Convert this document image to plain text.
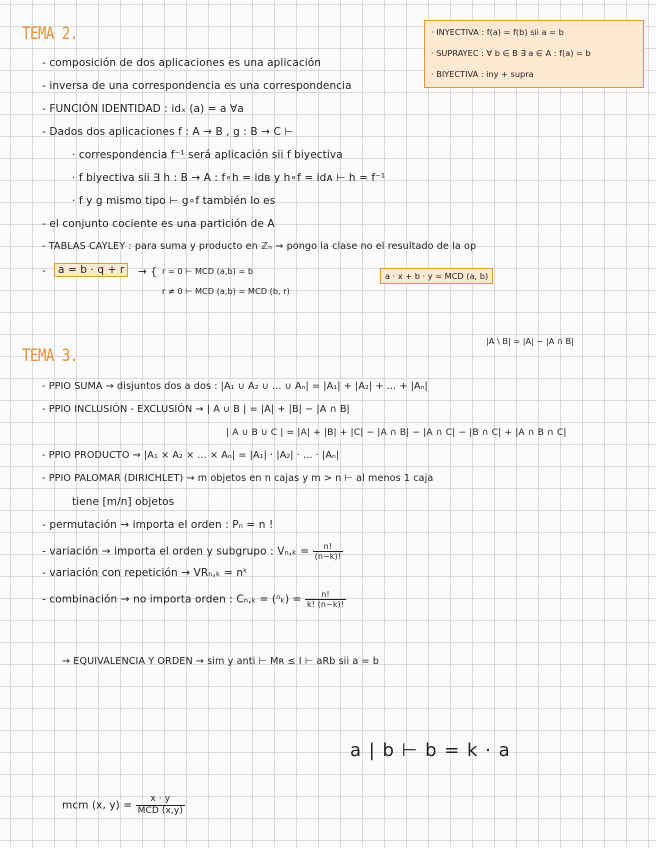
TEMA 2.	· INYECTIVA : f(a) = f(b) sii a = b
· SUPRAYEC : ∀ b ∈ B ∃ a ∈ A : f(a) = b
· BIYECTIVA : iny + supra
- composición de dos aplicaciones es una aplicación
- inversa de una correspondencia es una correspondencia
- FUNCIÓN IDENTIDAD : idₓ (a) = a ∀a
- Dados dos aplicaciones f : A → B , g : B → C ⊢
· correspondencia f⁻¹ será aplicación sii f biyectiva
· f biyectiva sii ∃ h : B → A : f∘h = idʙ y h∘f = idᴀ ⊢ h = f⁻¹
· f y g mismo tipo ⊢ g∘f también lo es
- el conjunto cociente es una partición de A
- TABLAS CAYLEY : para suma y producto en ℤₙ → pongo la clase no el resultado de la op
-	a = b · q + r	→ { r = 0 ⊢ MCD (a,b) = b
r ≠ 0 ⊢ MCD (a,b) = MCD (b, r)
a · x + b · y = MCD (a, b)
|A \ B| = |A| − |A ∩ B|
TEMA 3.
- PPIO SUMA → disjuntos dos a dos : |A₁ ∪ A₂ ∪ ... ∪ Aₙ| = |A₁| + |A₂| + ... + |Aₙ|
- PPIO INCLUSIÓN - EXCLUSIÓN → | A ∪ B | = |A| + |B| − |A ∩ B|
| A ∪ B ∪ C | = |A| + |B| + |C| − |A ∩ B| − |A ∩ C| − |B ∩ C| + |A ∩ B ∩ C|
- PPIO PRODUCTO → |A₁ × A₂ × ... × Aₙ| = |A₁| · |A₂| · ... · |Aₙ|
- PPIO PALOMAR (DIRICHLET) → m objetos en n cajas y m > n ⊢ al menos 1 caja
tiene [m/n] objetos
- permutación → importa el orden : Pₙ = n !
- variación → importa el orden y subgrupo : $V_n,_k = \frac{n!}{(n-k)!}$
- variación con repetición → VRₙ,ₖ = nᵏ
- combinación → no importa orden : $C_n,_k = (^n_k) = \frac{n!}{k! (n-k)!}$
→ EQUIVALENCIA Y ORDEN → sim y anti ⊢ Mʀ ≤ I ⊢ aRb sii a = b
a | b ⊢ b = k · a
mcm (x, $y) = \frac{x \cdot y}{\text{MCD (x,y)}}$
